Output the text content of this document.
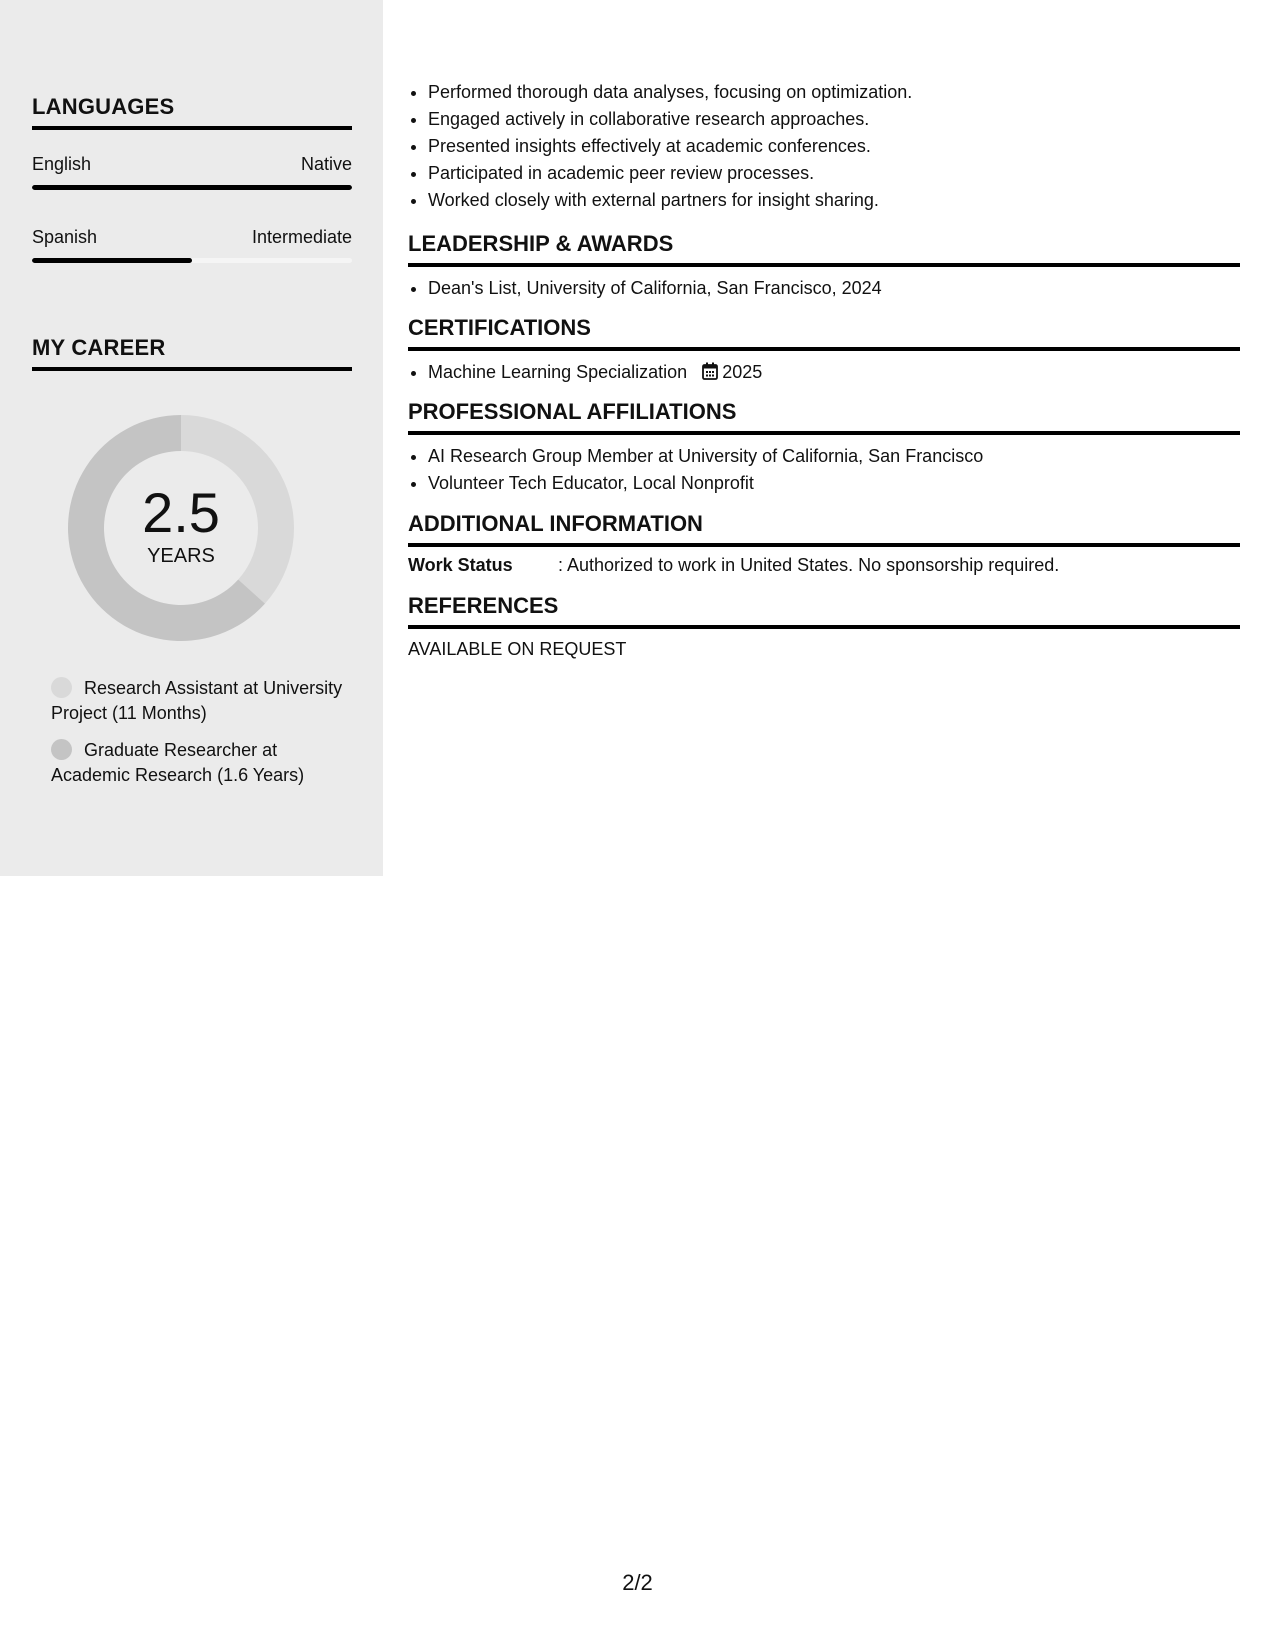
LANGUAGES
English	Native
Spanish	Intermediate
MY CAREER
2.5
YEARS
Research Assistant at University Project (11 Months)
Graduate Researcher at Academic Research (1.6 Years)
• Performed thorough data analyses, focusing on optimization.
• Engaged actively in collaborative research approaches.
• Presented insights effectively at academic conferences.
• Participated in academic peer review processes.
• Worked closely with external partners for insight sharing.
LEADERSHIP & AWARDS
• Dean's List, University of California, San Francisco, 2024
CERTIFICATIONS
• Machine Learning Specialization 2025
PROFESSIONAL AFFILIATIONS
• AI Research Group Member at University of California, San Francisco
• Volunteer Tech Educator, Local Nonprofit
ADDITIONAL INFORMATION
Work Status	: Authorized to work in United States. No sponsorship required.
REFERENCES
AVAILABLE ON REQUEST
2/2
